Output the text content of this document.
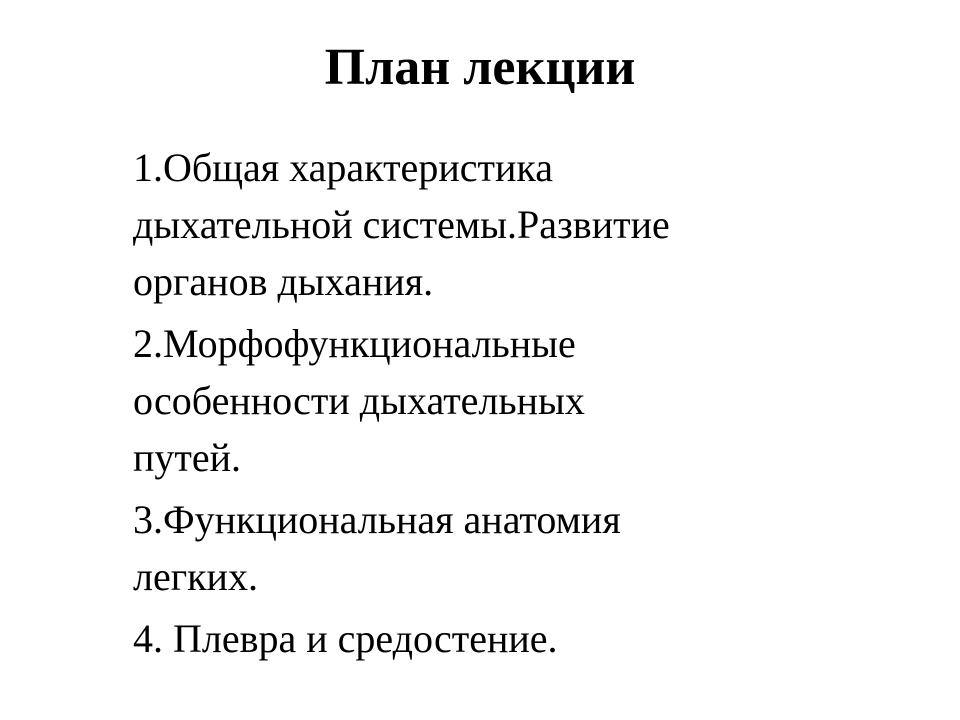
План лекции
1.Общая характеристика
дыхательной системы.Развитие
органов дыхания.
2.Морфофункциональные
особенности дыхательных
путей.
3.Функциональная анатомия
легких.
4. Плевра и средостение.
